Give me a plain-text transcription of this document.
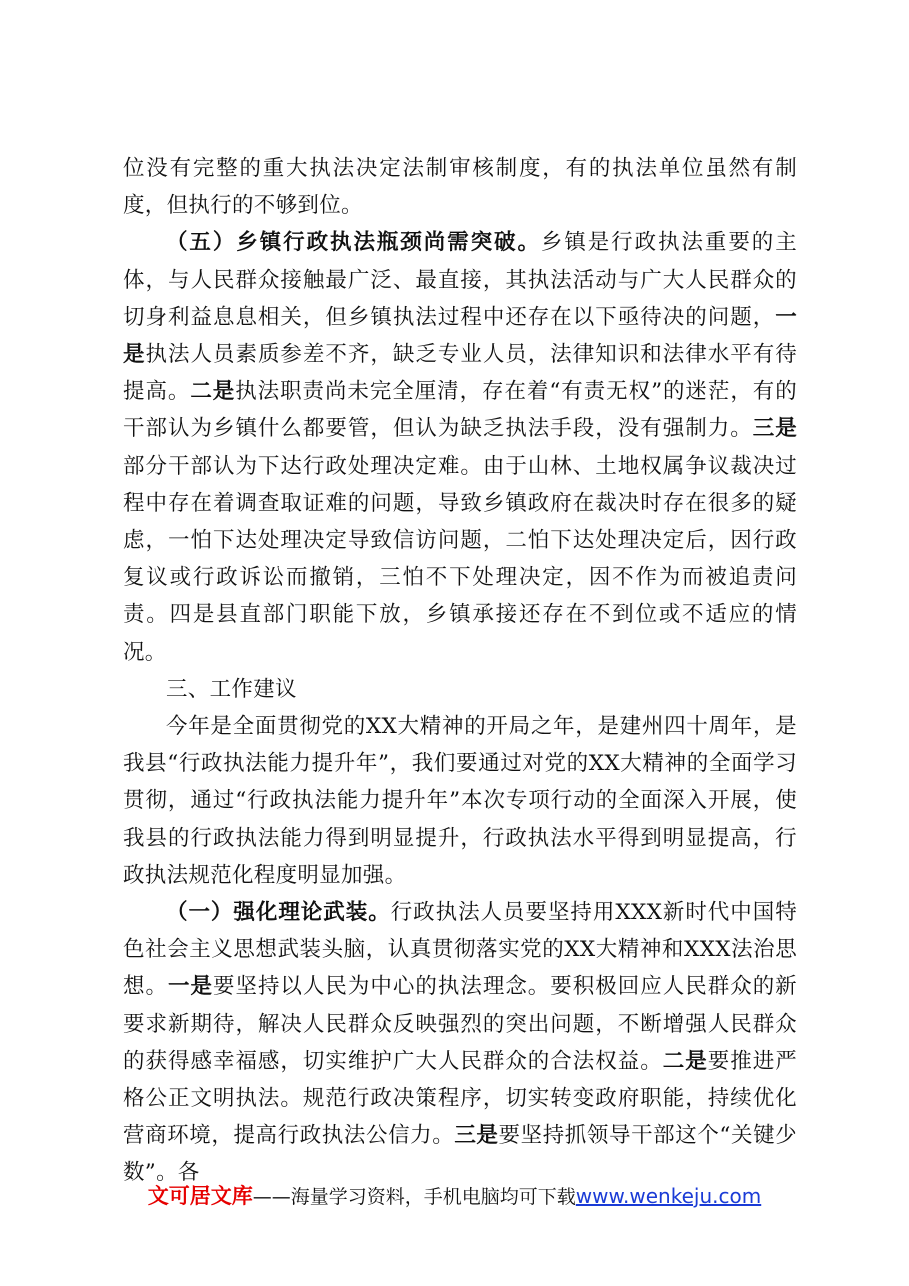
位没有完整的重大执法决定法制审核制度，有的执法单位虽然有制度，但执行的不够到位。

（五）乡镇行政执法瓶颈尚需突破。乡镇是行政执法重要的主体，与人民群众接触最广泛、最直接，其执法活动与广大人民群众的切身利益息息相关，但乡镇执法过程中还存在以下亟待决的问题，一是执法人员素质参差不齐，缺乏专业人员，法律知识和法律水平有待提高。二是执法职责尚未完全厘清，存在着“有责无权”的迷茫，有的干部认为乡镇什么都要管，但认为缺乏执法手段，没有强制力。三是部分干部认为下达行政处理决定难。由于山林、土地权属争议裁决过程中存在着调查取证难的问题，导致乡镇政府在裁决时存在很多的疑虑，一怕下达处理决定导致信访问题，二怕下达处理决定后，因行政复议或行政诉讼而撤销，三怕不下处理决定，因不作为而被追责问责。四是县直部门职能下放，乡镇承接还存在不到位或不适应的情况。

三、工作建议

今年是全面贯彻党的XX大精神的开局之年，是建州四十周年，是我县“行政执法能力提升年”，我们要通过对党的XX大精神的全面学习贯彻，通过“行政执法能力提升年”本次专项行动的全面深入开展，使我县的行政执法能力得到明显提升，行政执法水平得到明显提高，行政执法规范化程度明显加强。

（一）强化理论武装。行政执法人员要坚持用XXX新时代中国特色社会主义思想武装头脑，认真贯彻落实党的XX大精神和XXX法治思想。一是要坚持以人民为中心的执法理念。要积极回应人民群众的新要求新期待，解决人民群众反映强烈的突出问题，不断增强人民群众的获得感幸福感，切实维护广大人民群众的合法权益。二是要推进严格公正文明执法。规范行政决策程序，切实转变政府职能，持续优化营商环境，提高行政执法公信力。三是要坚持抓领导干部这个“关键少数”。各

文可居文库——海量学习资料，手机电脑均可下载www.wenkeju.com
